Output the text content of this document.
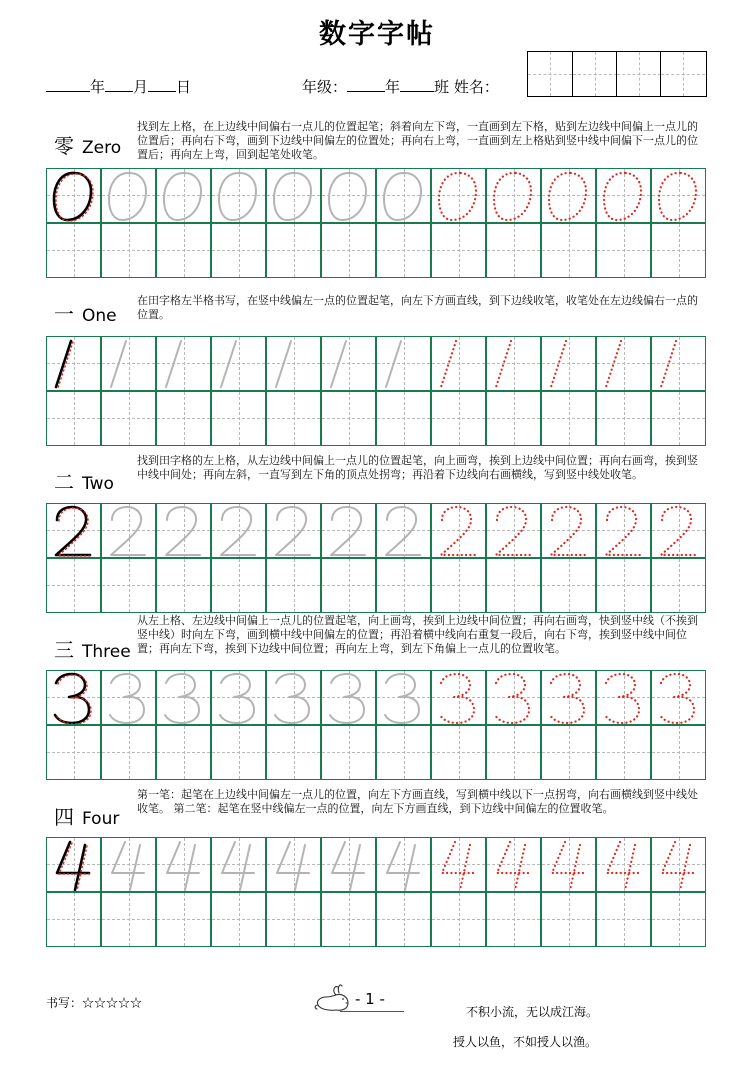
数字字帖
年 月 日	年级：	年 班 姓名：
零 Zero
找到左上格，在上边线中间偏右一点儿的位置起笔；斜着向左下弯，一直画到左下格，贴到左边线中间偏上一点儿的位置后；再向右下弯，画到下边线中间偏左的位置处；再向右上弯，一直画到左上格贴到竖中线中间偏下一点儿的位置后；再向左上弯，回到起笔处收笔。
一 One
在田字格左半格书写，在竖中线偏左一点的位置起笔，向左下方画直线，到下边线收笔，收笔处在左边线偏右一点的位置。
二 Two
找到田字格的左上格，从左边线中间偏上一点儿的位置起笔，向上画弯，挨到上边线中间位置；再向右画弯，挨到竖中线中间处；再向左斜，一直写到左下角的顶点处拐弯；再沿着下边线向右画横线，写到竖中线处收笔。
三 Three
从左上格、左边线中间偏上一点儿的位置起笔，向上画弯，挨到上边线中间位置；再向右画弯，快到竖中线（不挨到竖中线）时向左下弯，画到横中线中间偏左的位置；再沿着横中线向右重复一段后，向右下弯，挨到竖中线中间位置；再向左下弯，挨到下边线中间位置；再向左上弯，到左下角偏上一点儿的位置收笔。
四 Four
第一笔：起笔在上边线中间偏左一点儿的位置，向左下方画直线，写到横中线以下一点拐弯，向右画横线到竖中线处收笔。 第二笔：起笔在竖中线偏左一点的位置，向左下方画直线，到下边线中间偏左的位置收笔。
书写：☆☆☆☆☆	- 1 -
不积小流，无以成江海。
授人以鱼，不如授人以渔。
